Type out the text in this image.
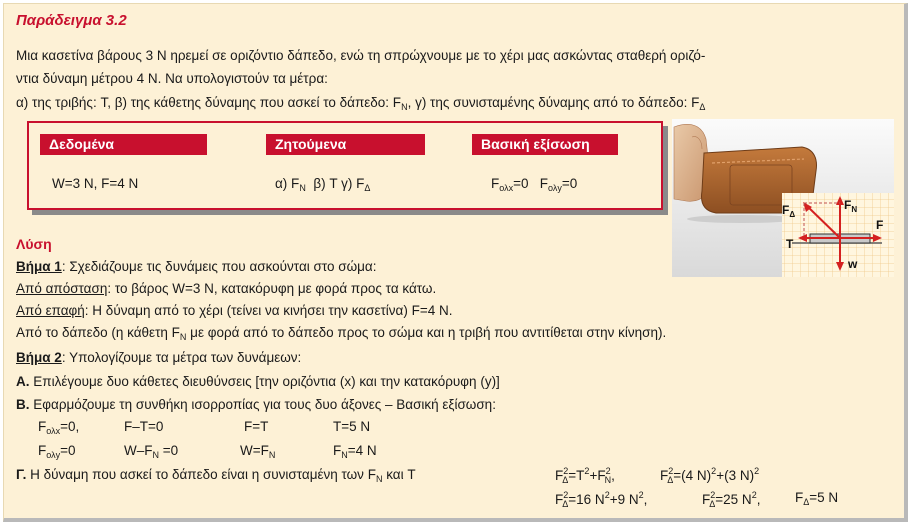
Παράδειγμα 3.2
Μια κασετίνα βάρους 3 N ηρεμεί σε οριζόντιο δάπεδο, ενώ τη σπρώχνουμε με το χέρι μας ασκώντας σταθερή οριζό-
ντια δύναμη μέτρου 4 N. Να υπολογιστούν τα μέτρα:
α) της τριβής: T, β) της κάθετης δύναμης που ασκεί το δάπεδο: $F_N$, γ) της συνισταμένης δύναμης από το δάπεδο: $F_\Delta$
Δεδομένα	Ζητούμενα	Βασική εξίσωση
W=3 N, F=4 N	α) $F_N$ β) T γ) $F_\Delta$	$F_{o\lambda x}=0$ $F_{o\lambda y}=0$
$F_\Delta$
$F_N$
F
T
w
Λύση
Βήμα 1: Σχεδιάζουμε τις δυνάμεις που ασκούνται στο σώμα:
Από απόσταση: το βάρος W=3 N, κατακόρυφη με φορά προς τα κάτω.
Από επαφή: Η δύναμη από το χέρι (τείνει να κινήσει την κασετίνα) F=4 N.
Από το δάπεδο (η κάθετη $F_N$ με φορά από το δάπεδο προς το σώμα και η τριβή που αντιτίθεται στην κίνηση).
Βήμα 2: Υπολογίζουμε τα μέτρα των δυνάμεων:
Α. Επιλέγουμε δυο κάθετες διευθύνσεις [την οριζόντια (x) και την κατακόρυφη (y)]
Β. Εφαρμόζουμε τη συνθήκη ισορροπίας για τους δυο άξονες – Βασική εξίσωση:
$F_{o\lambda x}=0$,	F–T=0	F=T	T=5 N
$F_{o\lambda y}=0$	$W-F_N =0$	$W=F_N$	$F_N=4$ N
Γ. Η δύναμη που ασκεί το δάπεδο είναι η συνισταμένη των $F_N$ και T	$F^2_\Delta=T^2+F^2_N$,	$F^2_\Delta=(4$ N)$^2$+(3 N)$^2$
$F^2_\Delta=16$ $N^2+9$ $N^2$,	$F^2_\Delta=25$ $N^2$,	$F_\Delta=5$ N
